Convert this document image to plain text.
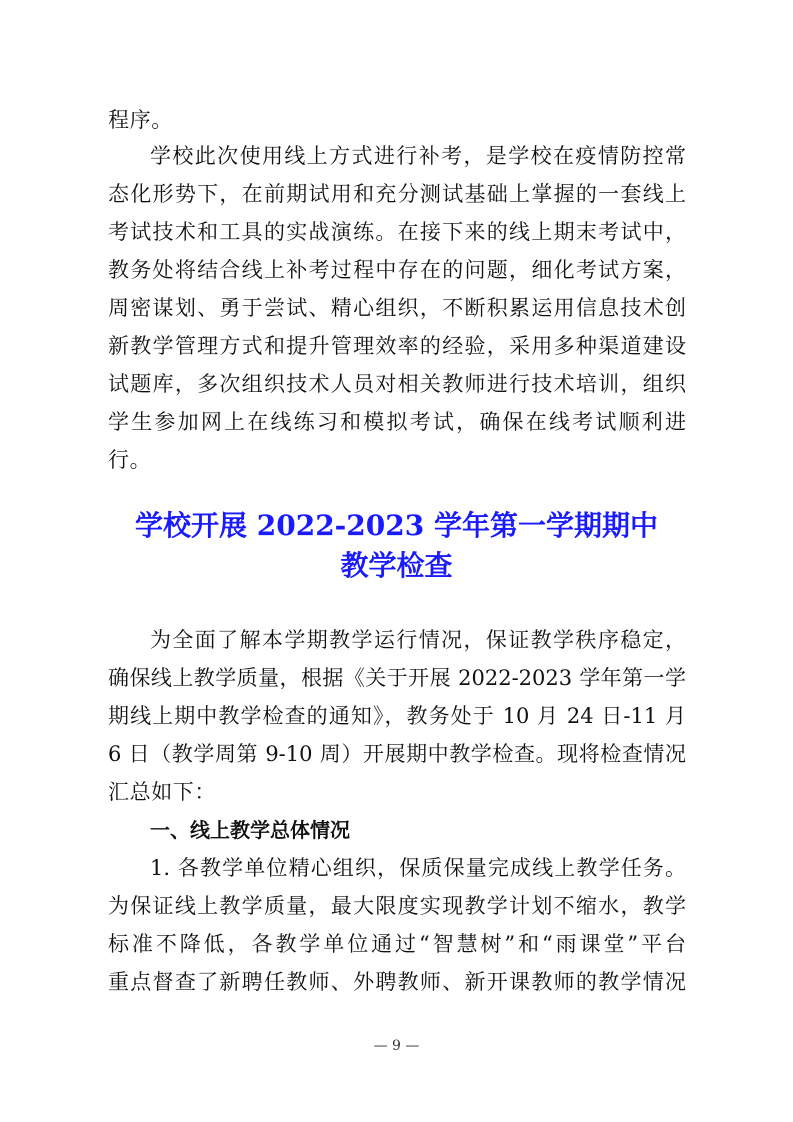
程序。
学校此次使用线上方式进行补考，是学校在疫情防控常
态化形势下，在前期试用和充分测试基础上掌握的一套线上
考试技术和工具的实战演练。在接下来的线上期末考试中，
教务处将结合线上补考过程中存在的问题，细化考试方案，
周密谋划、勇于尝试、精心组织，不断积累运用信息技术创
新教学管理方式和提升管理效率的经验，采用多种渠道建设
试题库，多次组织技术人员对相关教师进行技术培训，组织
学生参加网上在线练习和模拟考试，确保在线考试顺利进
行。
学校开展 2022-2023 学年第一学期期中
教学检查
为全面了解本学期教学运行情况，保证教学秩序稳定，
确保线上教学质量，根据《关于开展 2022-2023 学年第一学
期线上期中教学检查的通知》，教务处于 10 月 24 日-11 月
6 日（教学周第 9-10 周）开展期中教学检查。现将检查情况
汇总如下：
一、线上教学总体情况
1. 各教学单位精心组织，保质保量完成线上教学任务。
为保证线上教学质量，最大限度实现教学计划不缩水，教学
标准不降低，各教学单位通过“智慧树”和“雨课堂”平台
重点督查了新聘任教师、外聘教师、新开课教师的教学情况
— 9 —
